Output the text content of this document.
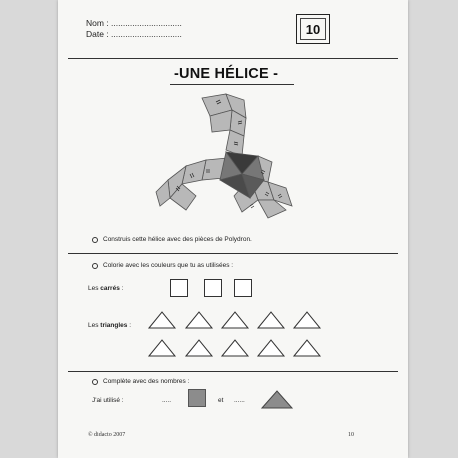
Nom : ..............................
Date : ..............................	10
-UNE HÉLICE -
Construis cette hélice avec des pièces de Polydron.
Colorie avec les couleurs que tu as utilisées :
Les carrés :
Les triangles :
Complète avec des nombres :
J'ai utilisé :	.....	et ......
© didacto 2007	10
